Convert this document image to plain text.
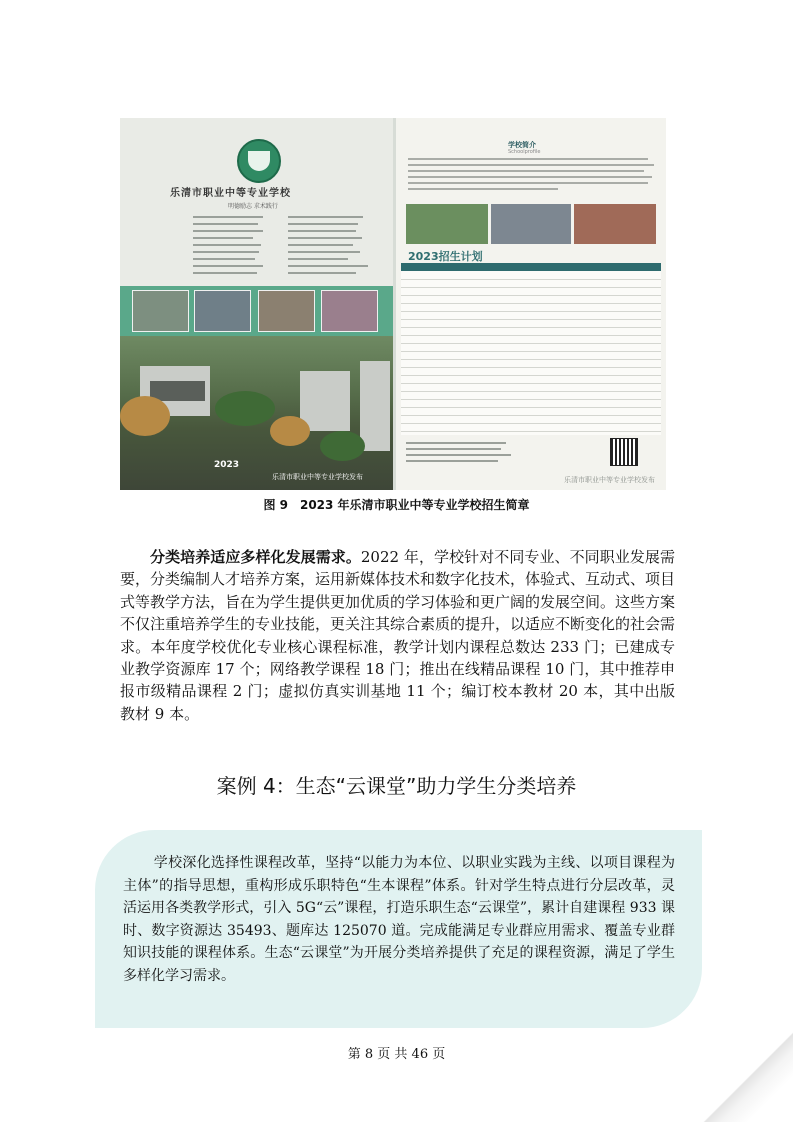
乐清市职业中等专业学校
明德励志 求术践行
2023
乐清市职业中等专业学校发布
学校简介
Schoolprofile
2023招生计划
乐清市职业中等专业学校发布
图 9　2023 年乐清市职业中等专业学校招生简章
分类培养适应多样化发展需求。2022 年，学校针对不同专业、不同职业发展需要，分类编制人才培养方案，运用新媒体技术和数字化技术，体验式、互动式、项目式等教学方法，旨在为学生提供更加优质的学习体验和更广阔的发展空间。这些方案不仅注重培养学生的专业技能，更关注其综合素质的提升，以适应不断变化的社会需求。本年度学校优化专业核心课程标准，教学计划内课程总数达 233 门；已建成专业教学资源库 17 个；网络教学课程 18 门；推出在线精品课程 10 门，其中推荐申报市级精品课程 2 门；虚拟仿真实训基地 11 个；编订校本教材 20 本，其中出版教材 9 本。
案例 4：生态“云课堂”助力学生分类培养
学校深化选择性课程改革，坚持“以能力为本位、以职业实践为主线、以项目课程为主体”的指导思想，重构形成乐职特色“生本课程”体系。针对学生特点进行分层改革，灵活运用各类教学形式，引入 5G“云”课程，打造乐职生态“云课堂”，累计自建课程 933 课时、数字资源达 35493、题库达 125070 道。完成能满足专业群应用需求、覆盖专业群知识技能的课程体系。生态“云课堂”为开展分类培养提供了充足的课程资源，满足了学生多样化学习需求。
第 8 页 共 46 页
